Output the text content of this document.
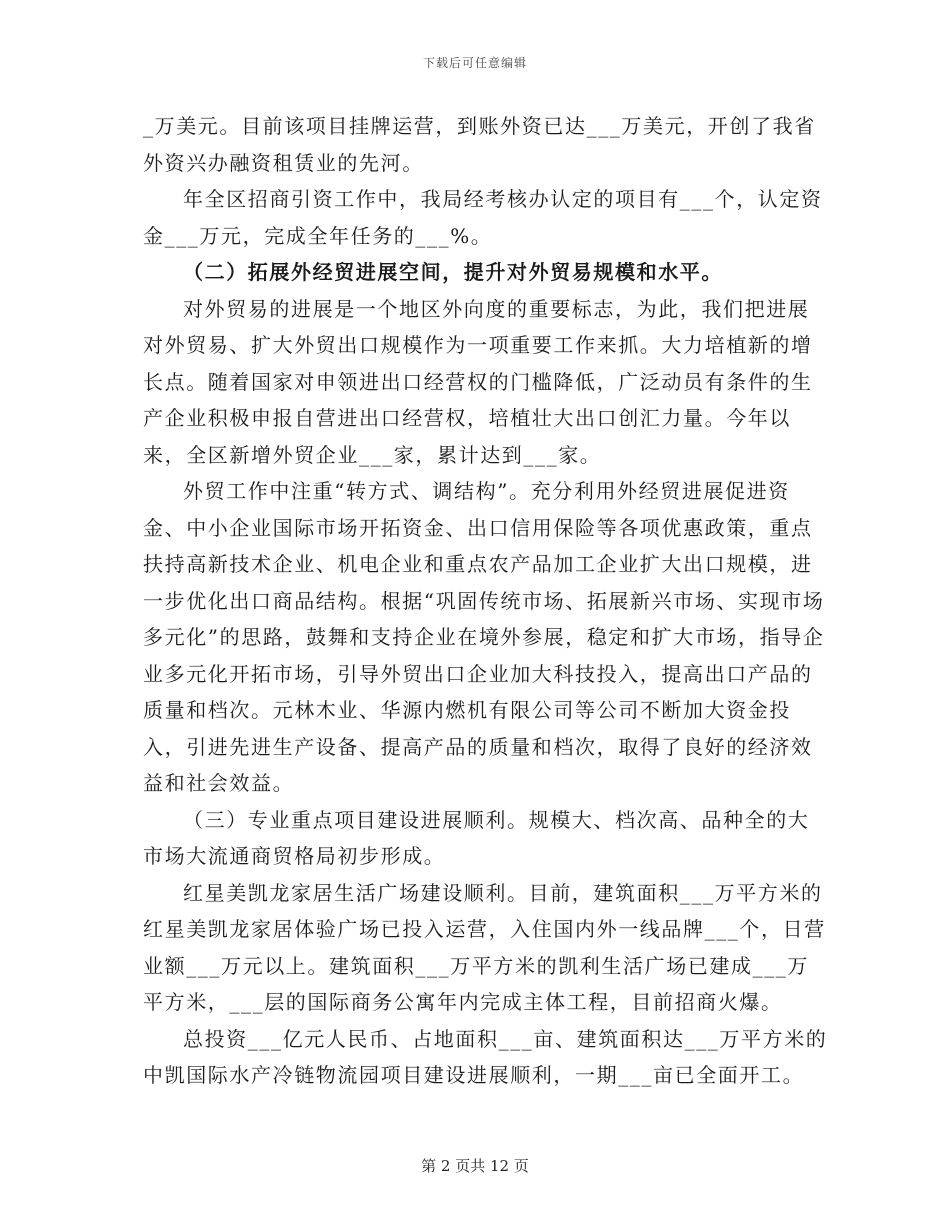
下载后可任意编辑

_万美元。目前该项目挂牌运营，到账外资已达___万美元，开创了我省外资兴办融资租赁业的先河。

年全区招商引资工作中，我局经考核办认定的项目有___个，认定资金___万元，完成全年任务的___%。

（二）拓展外经贸进展空间，提升对外贸易规模和水平。

对外贸易的进展是一个地区外向度的重要标志，为此，我们把进展对外贸易、扩大外贸出口规模作为一项重要工作来抓。大力培植新的增长点。随着国家对申领进出口经营权的门槛降低，广泛动员有条件的生产企业积极申报自营进出口经营权，培植壮大出口创汇力量。今年以来，全区新增外贸企业___家，累计达到___家。

外贸工作中注重“转方式、调结构”。充分利用外经贸进展促进资金、中小企业国际市场开拓资金、出口信用保险等各项优惠政策，重点扶持高新技术企业、机电企业和重点农产品加工企业扩大出口规模，进一步优化出口商品结构。根据“巩固传统市场、拓展新兴市场、实现市场多元化”的思路，鼓舞和支持企业在境外参展，稳定和扩大市场，指导企业多元化开拓市场，引导外贸出口企业加大科技投入，提高出口产品的质量和档次。元林木业、华源内燃机有限公司等公司不断加大资金投入，引进先进生产设备、提高产品的质量和档次，取得了良好的经济效益和社会效益。

（三）专业重点项目建设进展顺利。规模大、档次高、品种全的大市场大流通商贸格局初步形成。

红星美凯龙家居生活广场建设顺利。目前，建筑面积___万平方米的红星美凯龙家居体验广场已投入运营，入住国内外一线品牌___个，日营业额___万元以上。建筑面积___万平方米的凯利生活广场已建成___万平方米，___层的国际商务公寓年内完成主体工程，目前招商火爆。

总投资___亿元人民币、占地面积___亩、建筑面积达___万平方米的中凯国际水产冷链物流园项目建设进展顺利，一期___亩已全面开工。

第 2 页共 12 页
